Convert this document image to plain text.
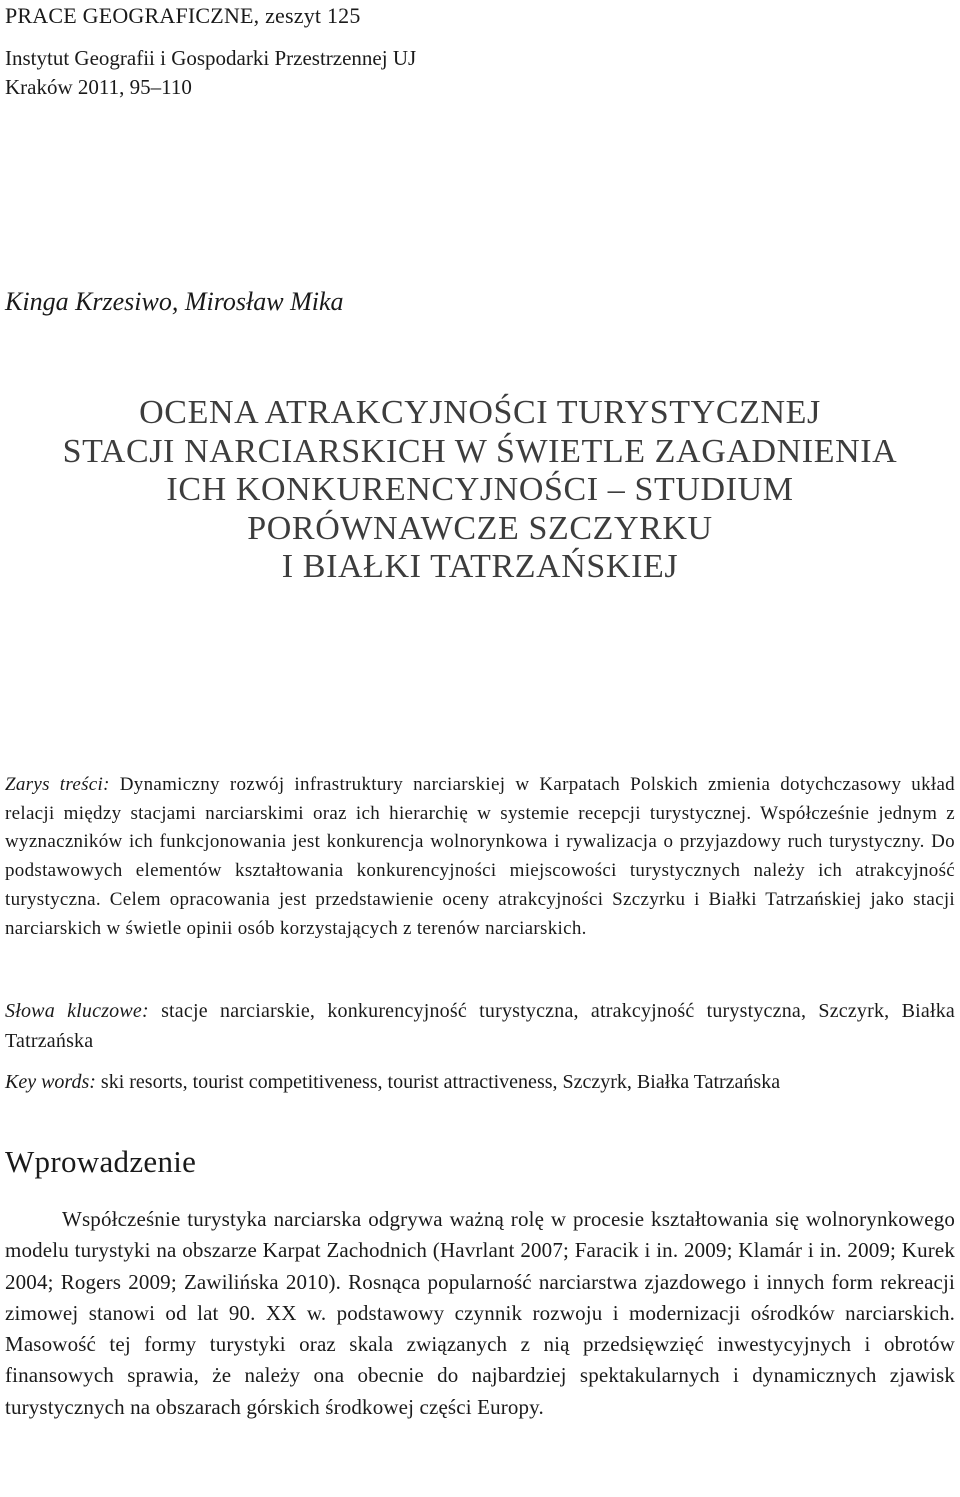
PRACE GEOGRAFICZNE, zeszyt 125
Instytut Geografii i Gospodarki Przestrzennej UJ
Kraków 2011, 95–110
Kinga Krzesiwo, Mirosław Mika
OCENA ATRAKCYJNOŚCI TURYSTYCZNEJ
STACJI NARCIARSKICH W ŚWIETLE ZAGADNIENIA
ICH KONKURENCYJNOŚCI – STUDIUM
PORÓWNAWCZE SZCZYRKU
I BIAŁKI TATRZAŃSKIEJ

Zarys treści: Dynamiczny rozwój infrastruktury narciarskiej w Karpatach Polskich zmienia dotychczasowy układ relacji między stacjami narciarskimi oraz ich hierarchię w systemie recepcji turystycznej. Współcześnie jednym z wyznaczników ich funkcjonowania jest konkurencja wolnorynkowa i rywalizacja o przyjazdowy ruch turystyczny. Do podstawowych elementów kształtowania konkurencyjności miejscowości turystycznych należy ich atrakcyjność turystyczna. Celem opracowania jest przedstawienie oceny atrakcyjności Szczyrku i Białki Tatrzańskiej jako stacji narciarskich w świetle opinii osób korzystających z terenów narciarskich.

Słowa kluczowe: stacje narciarskie, konkurencyjność turystyczna, atrakcyjność turystyczna, Szczyrk, Białka Tatrzańska

Key words: ski resorts, tourist competitiveness, tourist attractiveness, Szczyrk, Białka Tatrzańska

Wprowadzenie

Współcześnie turystyka narciarska odgrywa ważną rolę w procesie kształtowania się wolnorynkowego modelu turystyki na obszarze Karpat Zachodnich (Havrlant 2007; Faracik i in. 2009; Klamár i in. 2009; Kurek 2004; Rogers 2009; Zawilińska 2010). Rosnąca popularność narciarstwa zjazdowego i innych form rekreacji zimowej stanowi od lat 90. XX w. podstawowy czynnik rozwoju i modernizacji ośrodków narciarskich. Masowość tej formy turystyki oraz skala związanych z nią przedsięwzięć inwestycyjnych i obrotów finansowych sprawia, że należy ona obecnie do najbardziej spektakularnych i dynamicznych zjawisk turystycznych na obszarach górskich środkowej części Europy.
